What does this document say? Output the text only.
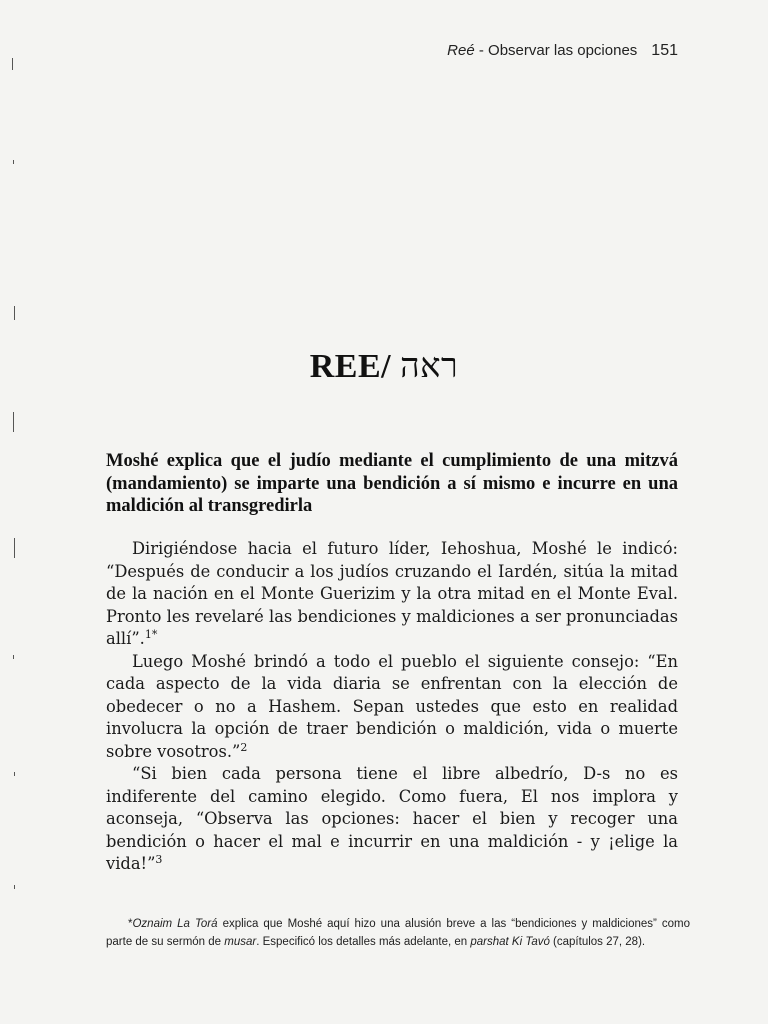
Reé - Observar las opciones 151
REE/ ראה
Moshé explica que el judío mediante el cumplimiento de una mitzvá (mandamiento) se imparte una bendición a sí mismo e incurre en una maldición al transgredirla

Dirigiéndose hacia el futuro líder, Iehoshua, Moshé le indicó: “Después de conducir a los judíos cruzando el Iardén, sitúa la mitad de la nación en el Monte Guerizim y la otra mitad en el Monte Eval. Pronto les revelaré las bendiciones y maldiciones a ser pronunciadas allí”.$^{1*}$

Luego Moshé brindó a todo el pueblo el siguiente consejo: “En cada aspecto de la vida diaria se enfrentan con la elección de obedecer o no a Hashem. Sepan ustedes que esto en realidad involucra la opción de traer bendición o maldición, vida o muerte sobre vosotros.”$^2$

“Si bien cada persona tiene el libre albedrío, D-s no es indiferente del camino elegido. Como fuera, El nos implora y aconseja, “Observa las opciones: hacer el bien y recoger una bendición o hacer el mal e incurrir en una maldición - y ¡elige la vida!”$^3$

*Oznaim La Torá explica que Moshé aquí hizo una alusión breve a las “bendiciones y maldiciones” como parte de su sermón de musar. Especificó los detalles más adelante, en parshat Ki Tavó (capítulos 27, 28).
